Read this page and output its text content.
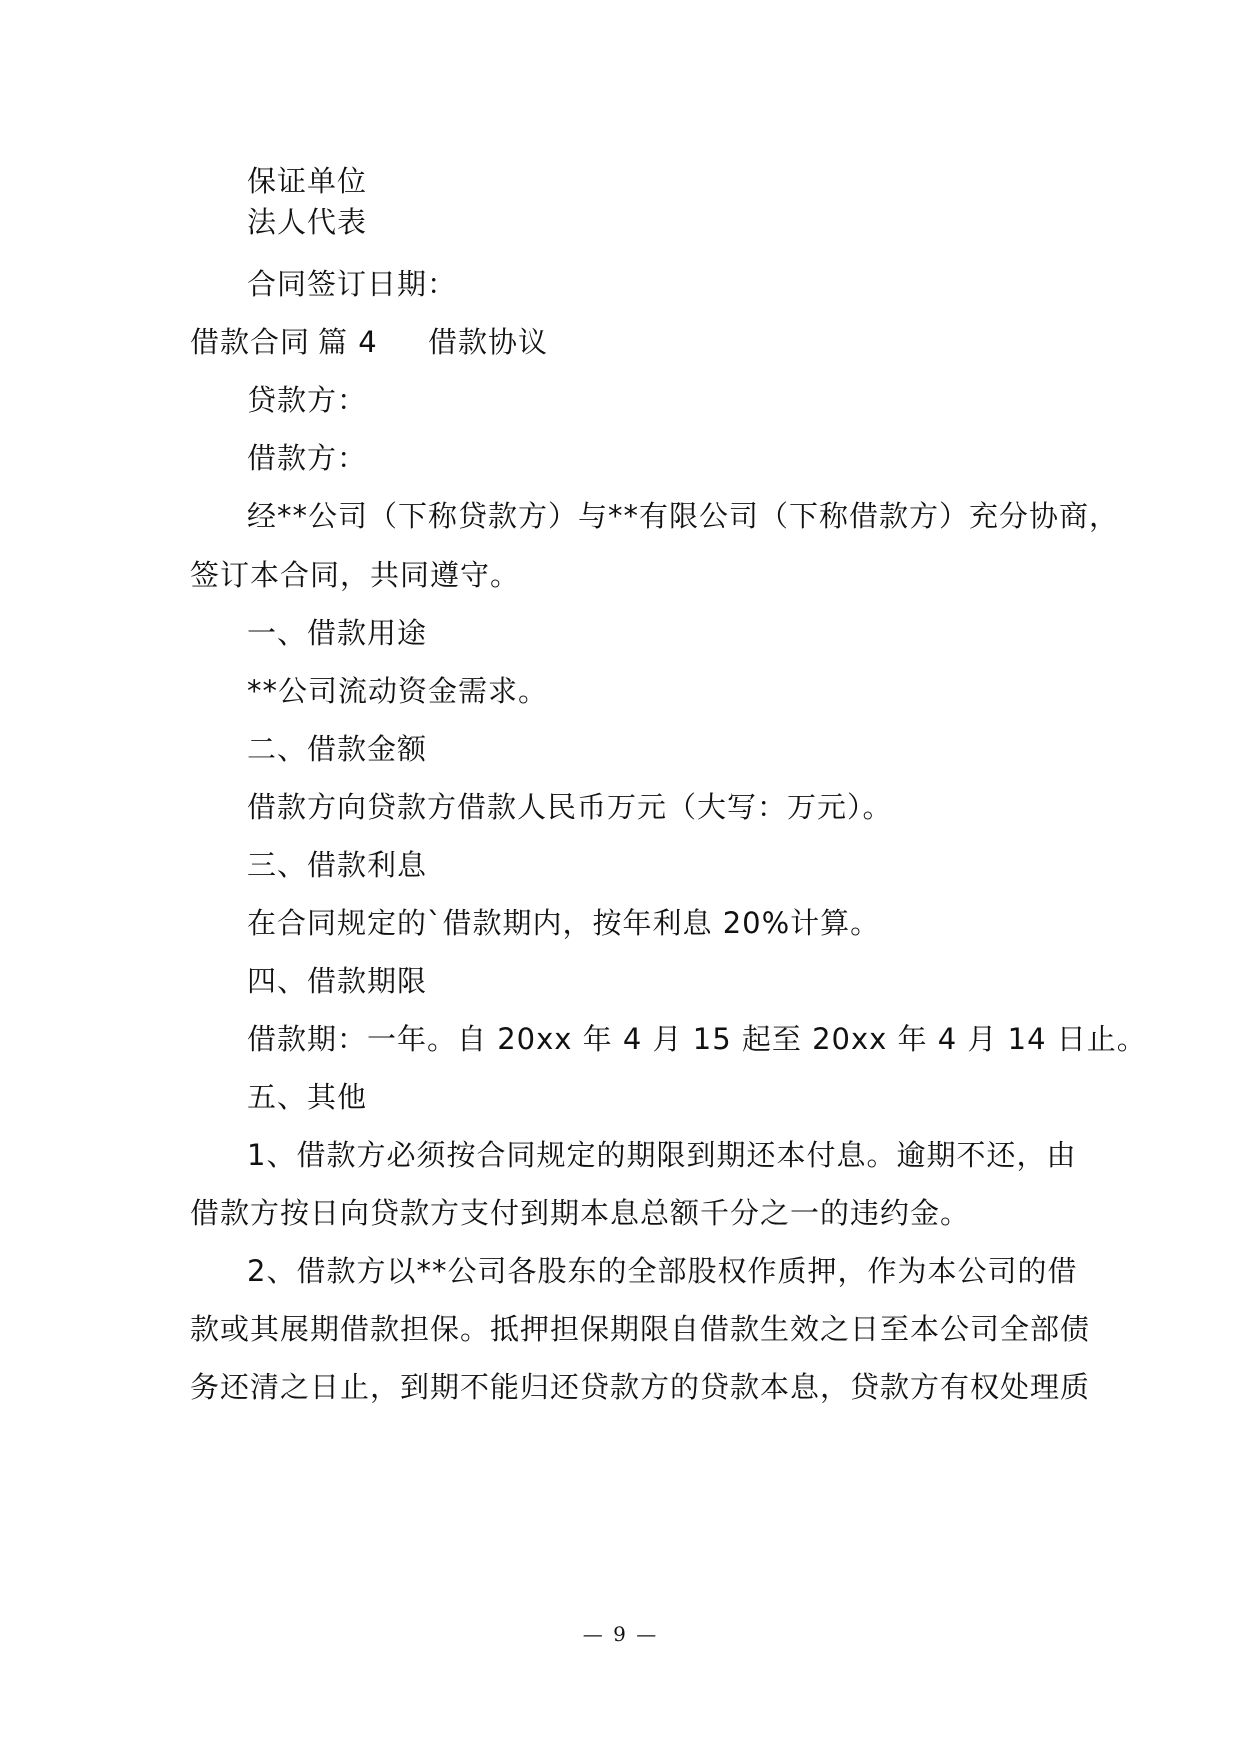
保证单位
法人代表
合同签订日期：
借款合同 篇 4 借款协议
贷款方：
借款方：
经**公司（下称贷款方）与**有限公司（下称借款方）充分协商，
签订本合同，共同遵守。
一、借款用途
**公司流动资金需求。
二、借款金额
借款方向贷款方借款人民币万元（大写：万元）。
三、借款利息
在合同规定的`借款期内，按年利息 20%计算。
四、借款期限
借款期：一年。自 20xx 年 4 月 15 起至 20xx 年 4 月 14 日止。
五、其他
1、借款方必须按合同规定的期限到期还本付息。逾期不还，由
借款方按日向贷款方支付到期本息总额千分之一的违约金。
2、借款方以**公司各股东的全部股权作质押，作为本公司的借
款或其展期借款担保。抵押担保期限自借款生效之日至本公司全部债
务还清之日止，到期不能归还贷款方的贷款本息，贷款方有权处理质
— 9 —
